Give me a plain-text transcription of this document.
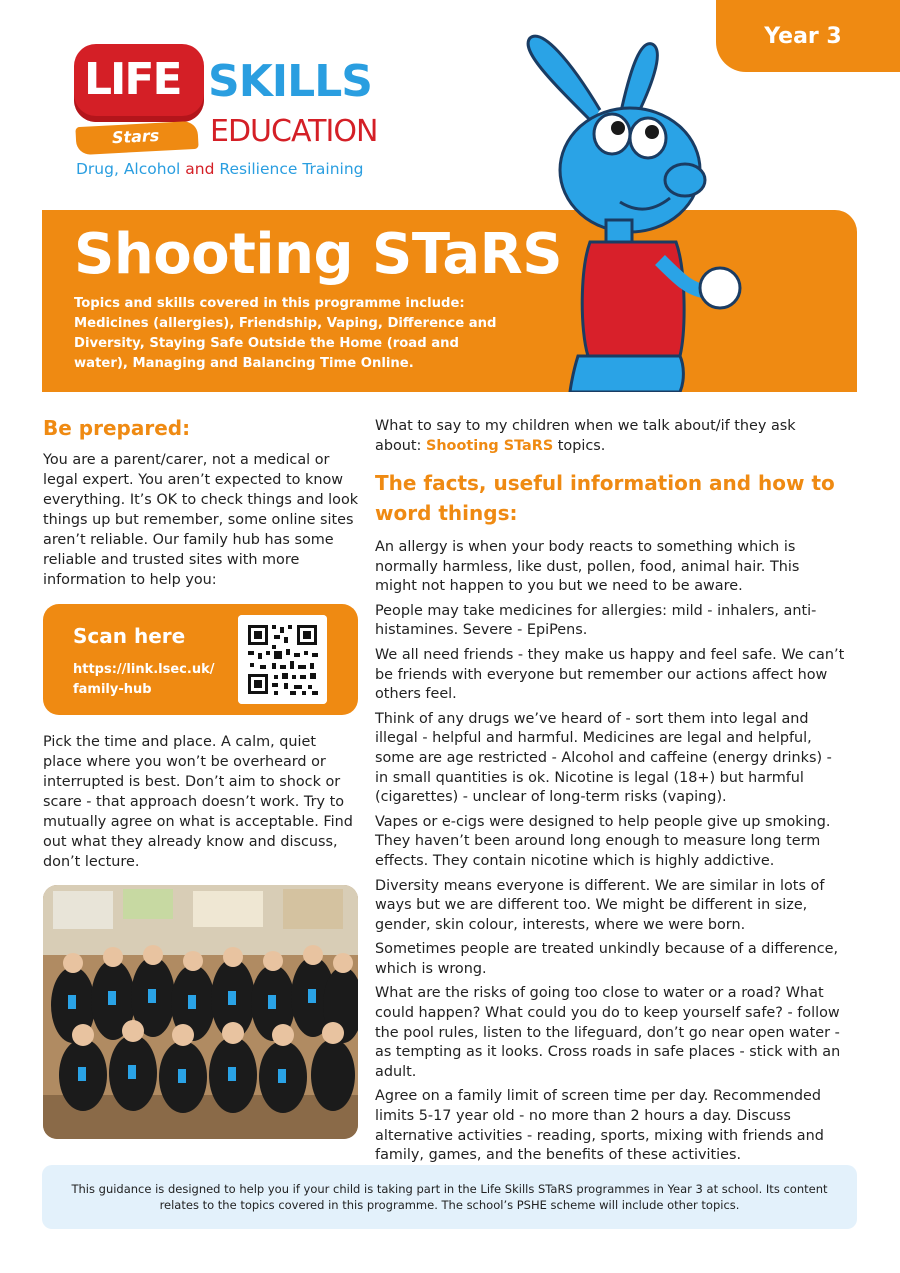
Year 3
LIFE
Stars
SKILLS
EDUCATION
Drug, Alcohol and Resilience Training
Shooting STaRS

Topics and skills covered in this programme include:

Medicines (allergies), Friendship, Vaping, Difference and Diversity, Staying Safe Outside the Home (road and water), Managing and Balancing Time Online.

Be prepared:

You are a parent/carer, not a medical or legal expert. You aren’t expected to know everything. It’s OK to check things and look things up but remember, some online sites aren’t reliable. Our family hub has some reliable and trusted sites with more information to help you:

Scan here
https://link.lsec.uk/ family-hub

Pick the time and place. A calm, quiet place where you won’t be overheard or interrupted is best. Don’t aim to shock or scare - that approach doesn’t work. Try to mutually agree on what is acceptable. Find out what they already know and discuss, don’t lecture.

What to say to my children when we talk about/if they ask about: Shooting STaRS topics.

The facts, useful information and how to word things:

An allergy is when your body reacts to something which is normally harmless, like dust, pollen, food, animal hair. This might not happen to you but we need to be aware.

People may take medicines for allergies: mild - inhalers, anti-histamines. Severe - EpiPens.

We all need friends - they make us happy and feel safe. We can’t be friends with everyone but remember our actions affect how others feel.

Think of any drugs we’ve heard of - sort them into legal and illegal - helpful and harmful. Medicines are legal and helpful, some are age restricted - Alcohol and caffeine (energy drinks) - in small quantities is ok. Nicotine is legal (18+) but harmful (cigarettes) - unclear of long-term risks (vaping).

Vapes or e-cigs were designed to help people give up smoking. They haven’t been around long enough to measure long term effects. They contain nicotine which is highly addictive.

Diversity means everyone is different. We are similar in lots of ways but we are different too. We might be different in size, gender, skin colour, interests, where we were born.

Sometimes people are treated unkindly because of a difference, which is wrong.

What are the risks of going too close to water or a road? What could happen? What could you do to keep yourself safe? - follow the pool rules, listen to the lifeguard, don’t go near open water - as tempting as it looks. Cross roads in safe places - stick with an adult.

Agree on a family limit of screen time per day. Recommended limits 5-17 year old - no more than 2 hours a day. Discuss alternative activities - reading, sports, mixing with friends and family, games, and the benefits of these activities.

This guidance is designed to help you if your child is taking part in the Life Skills STaRS programmes in Year 3 at school. Its content relates to the topics covered in this programme. The school’s PSHE scheme will include other topics.
